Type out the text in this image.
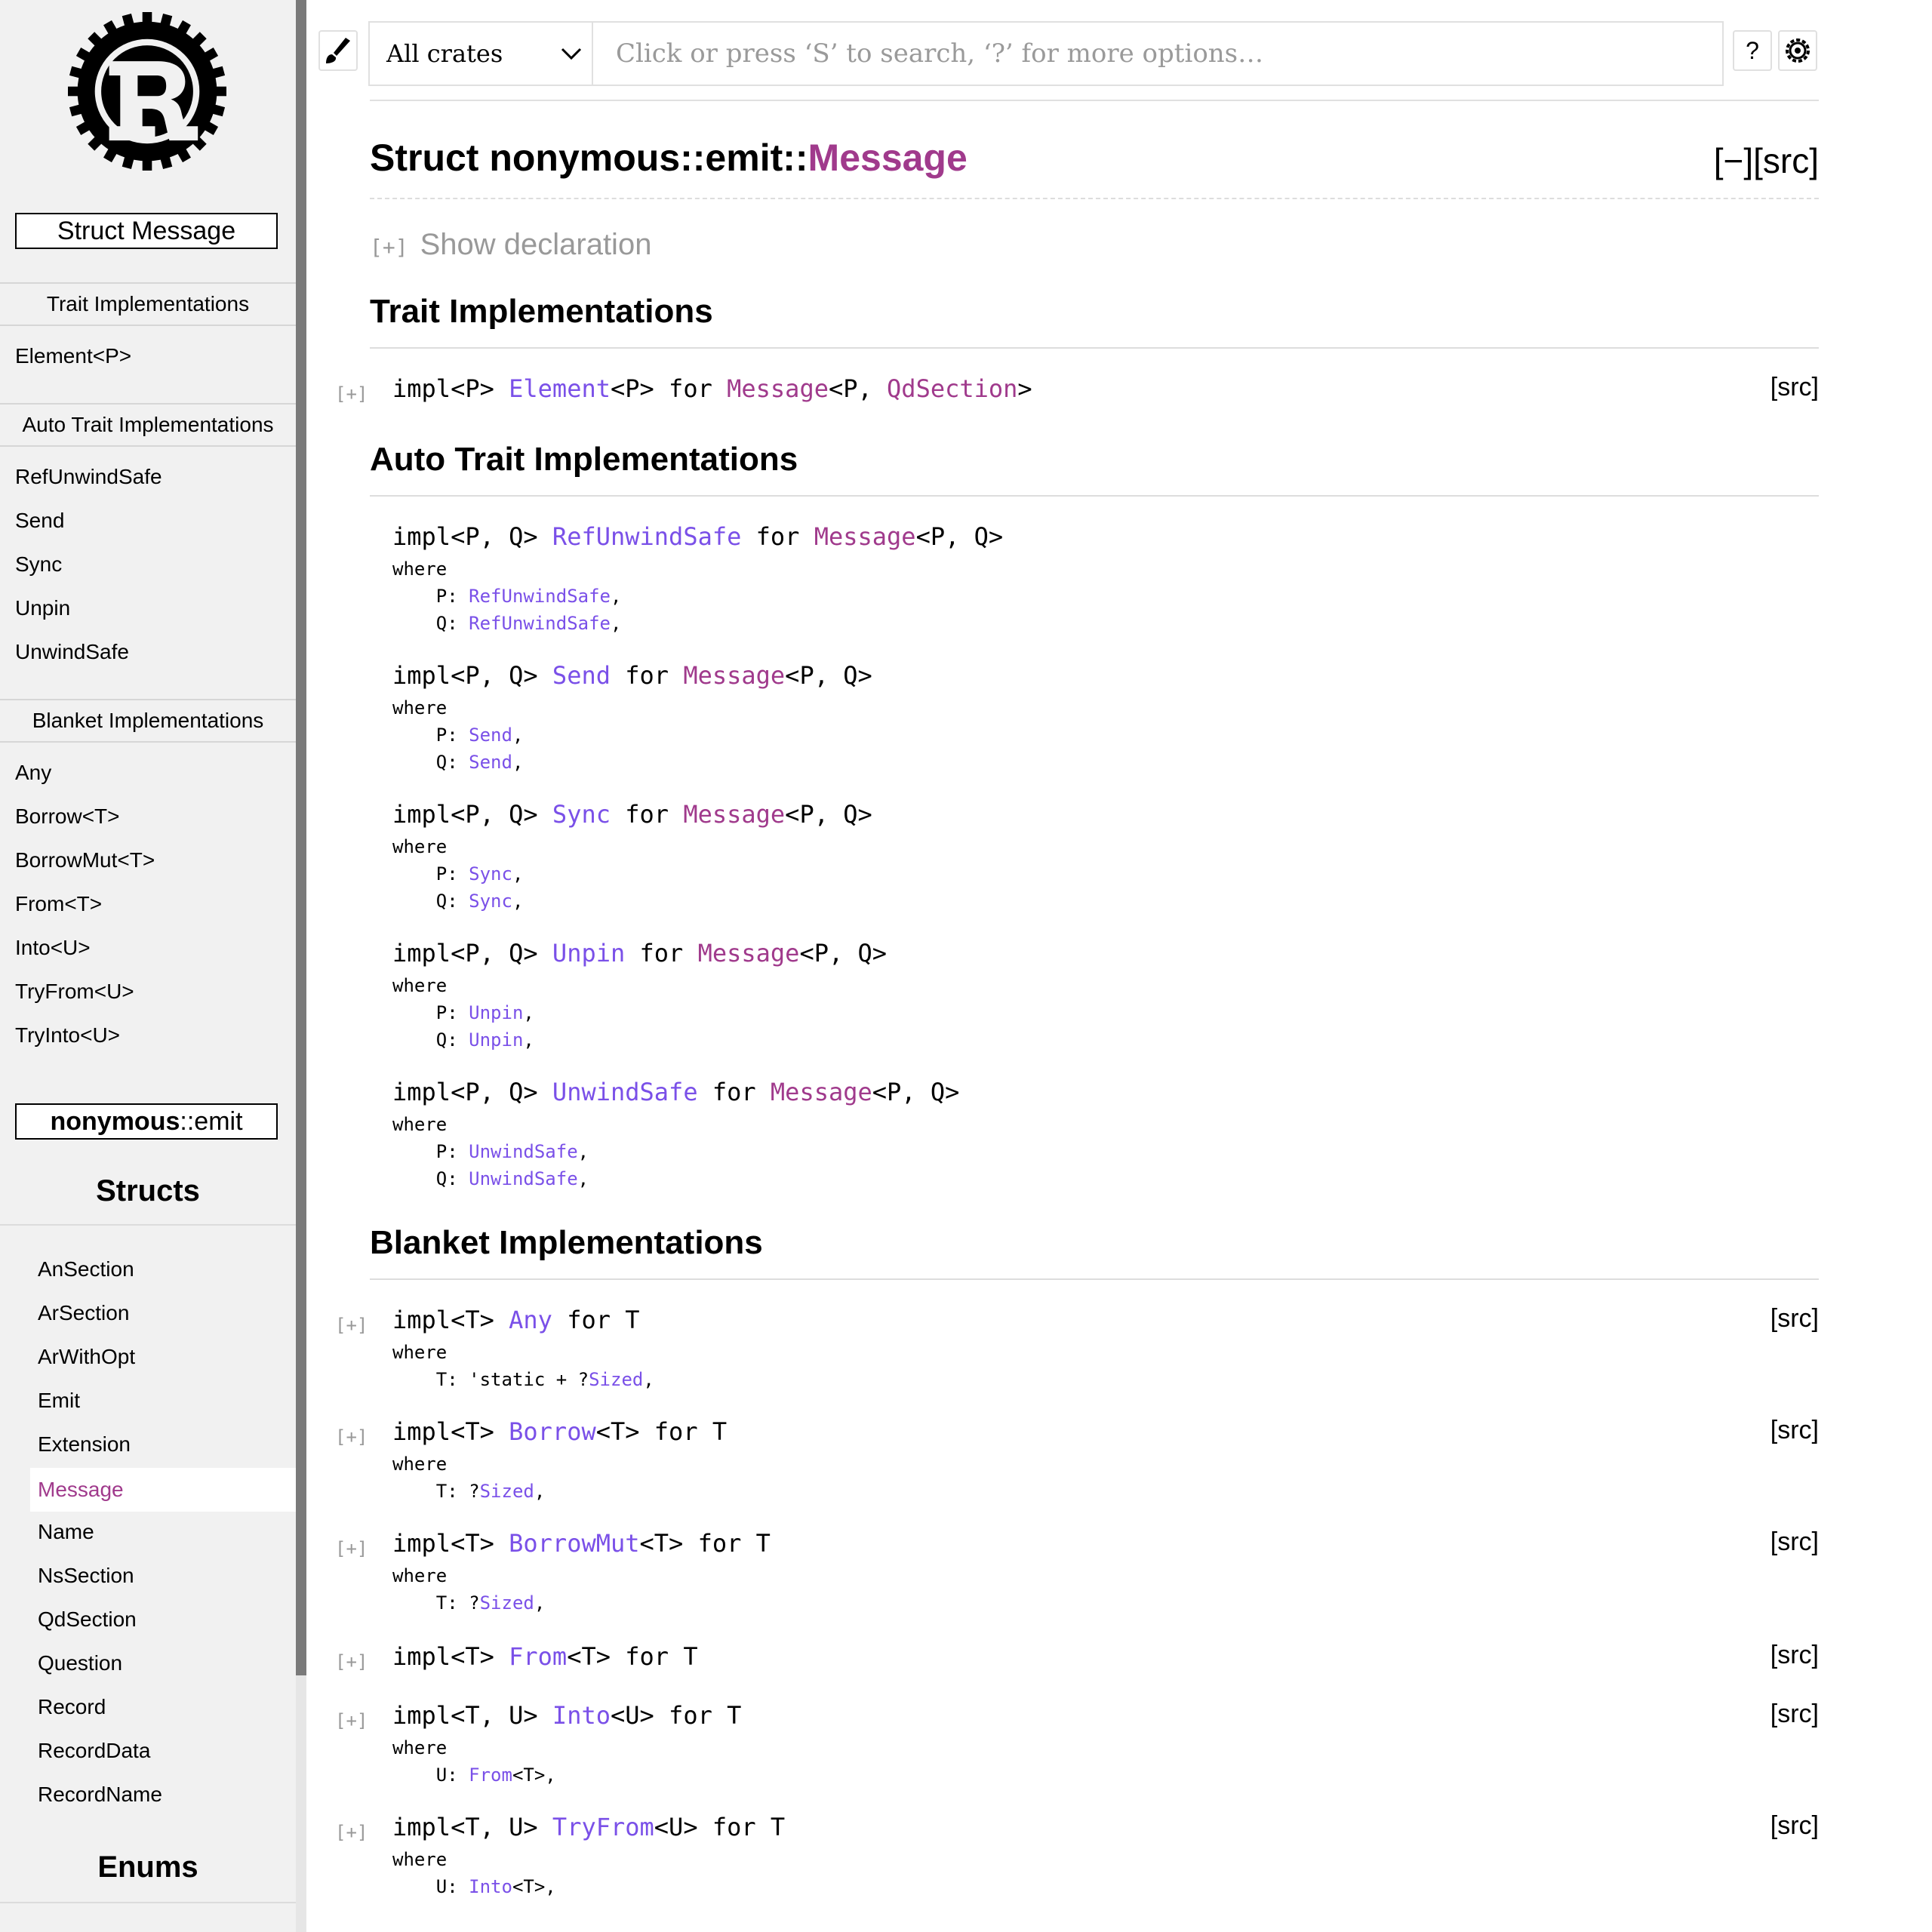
Struct Message
Trait Implementations
Element<P>
Auto Trait Implementations
RefUnwindSafe
Send
Sync
Unpin
UnwindSafe
Blanket Implementations
Any
Borrow<T>
BorrowMut<T>
From<T>
Into<U>
TryFrom<U>
TryInto<U>
nonymous::emit
Structs
AnSection
ArSection
ArWithOpt
Emit
Extension
Message
Name
NsSection
QdSection
Question
Record
RecordData
RecordName
Enums
All crates
Click or press ‘S’ to search, ‘?’ for more options…	?
Struct nonymous::emit::Message	[−][src]
[+] Show declaration
Trait Implementations
[+] impl<P> Element<P> for Message<P, QdSection>	[src]
Auto Trait Implementations
impl<P, Q> RefUnwindSafe for Message<P, Q>
where
P: RefUnwindSafe,
Q: RefUnwindSafe,
impl<P, Q> Send for Message<P, Q>
where
P: Send,
Q: Send,
impl<P, Q> Sync for Message<P, Q>
where
P: Sync,
Q: Sync,
impl<P, Q> Unpin for Message<P, Q>
where
P: Unpin,
Q: Unpin,
impl<P, Q> UnwindSafe for Message<P, Q>
where
P: UnwindSafe,
Q: UnwindSafe,
Blanket Implementations
[+] impl<T> Any for T	[src]
where
T: 'static + ?Sized,
[+] impl<T> Borrow<T> for T	[src]
where
T: ?Sized,
[+] impl<T> BorrowMut<T> for T	[src]
where
T: ?Sized,
[+] impl<T> From<T> for T	[src]
[+] impl<T, U> Into<U> for T	[src]
where
U: From<T>,
[+] impl<T, U> TryFrom<U> for T	[src]
where
U: Into<T>,
